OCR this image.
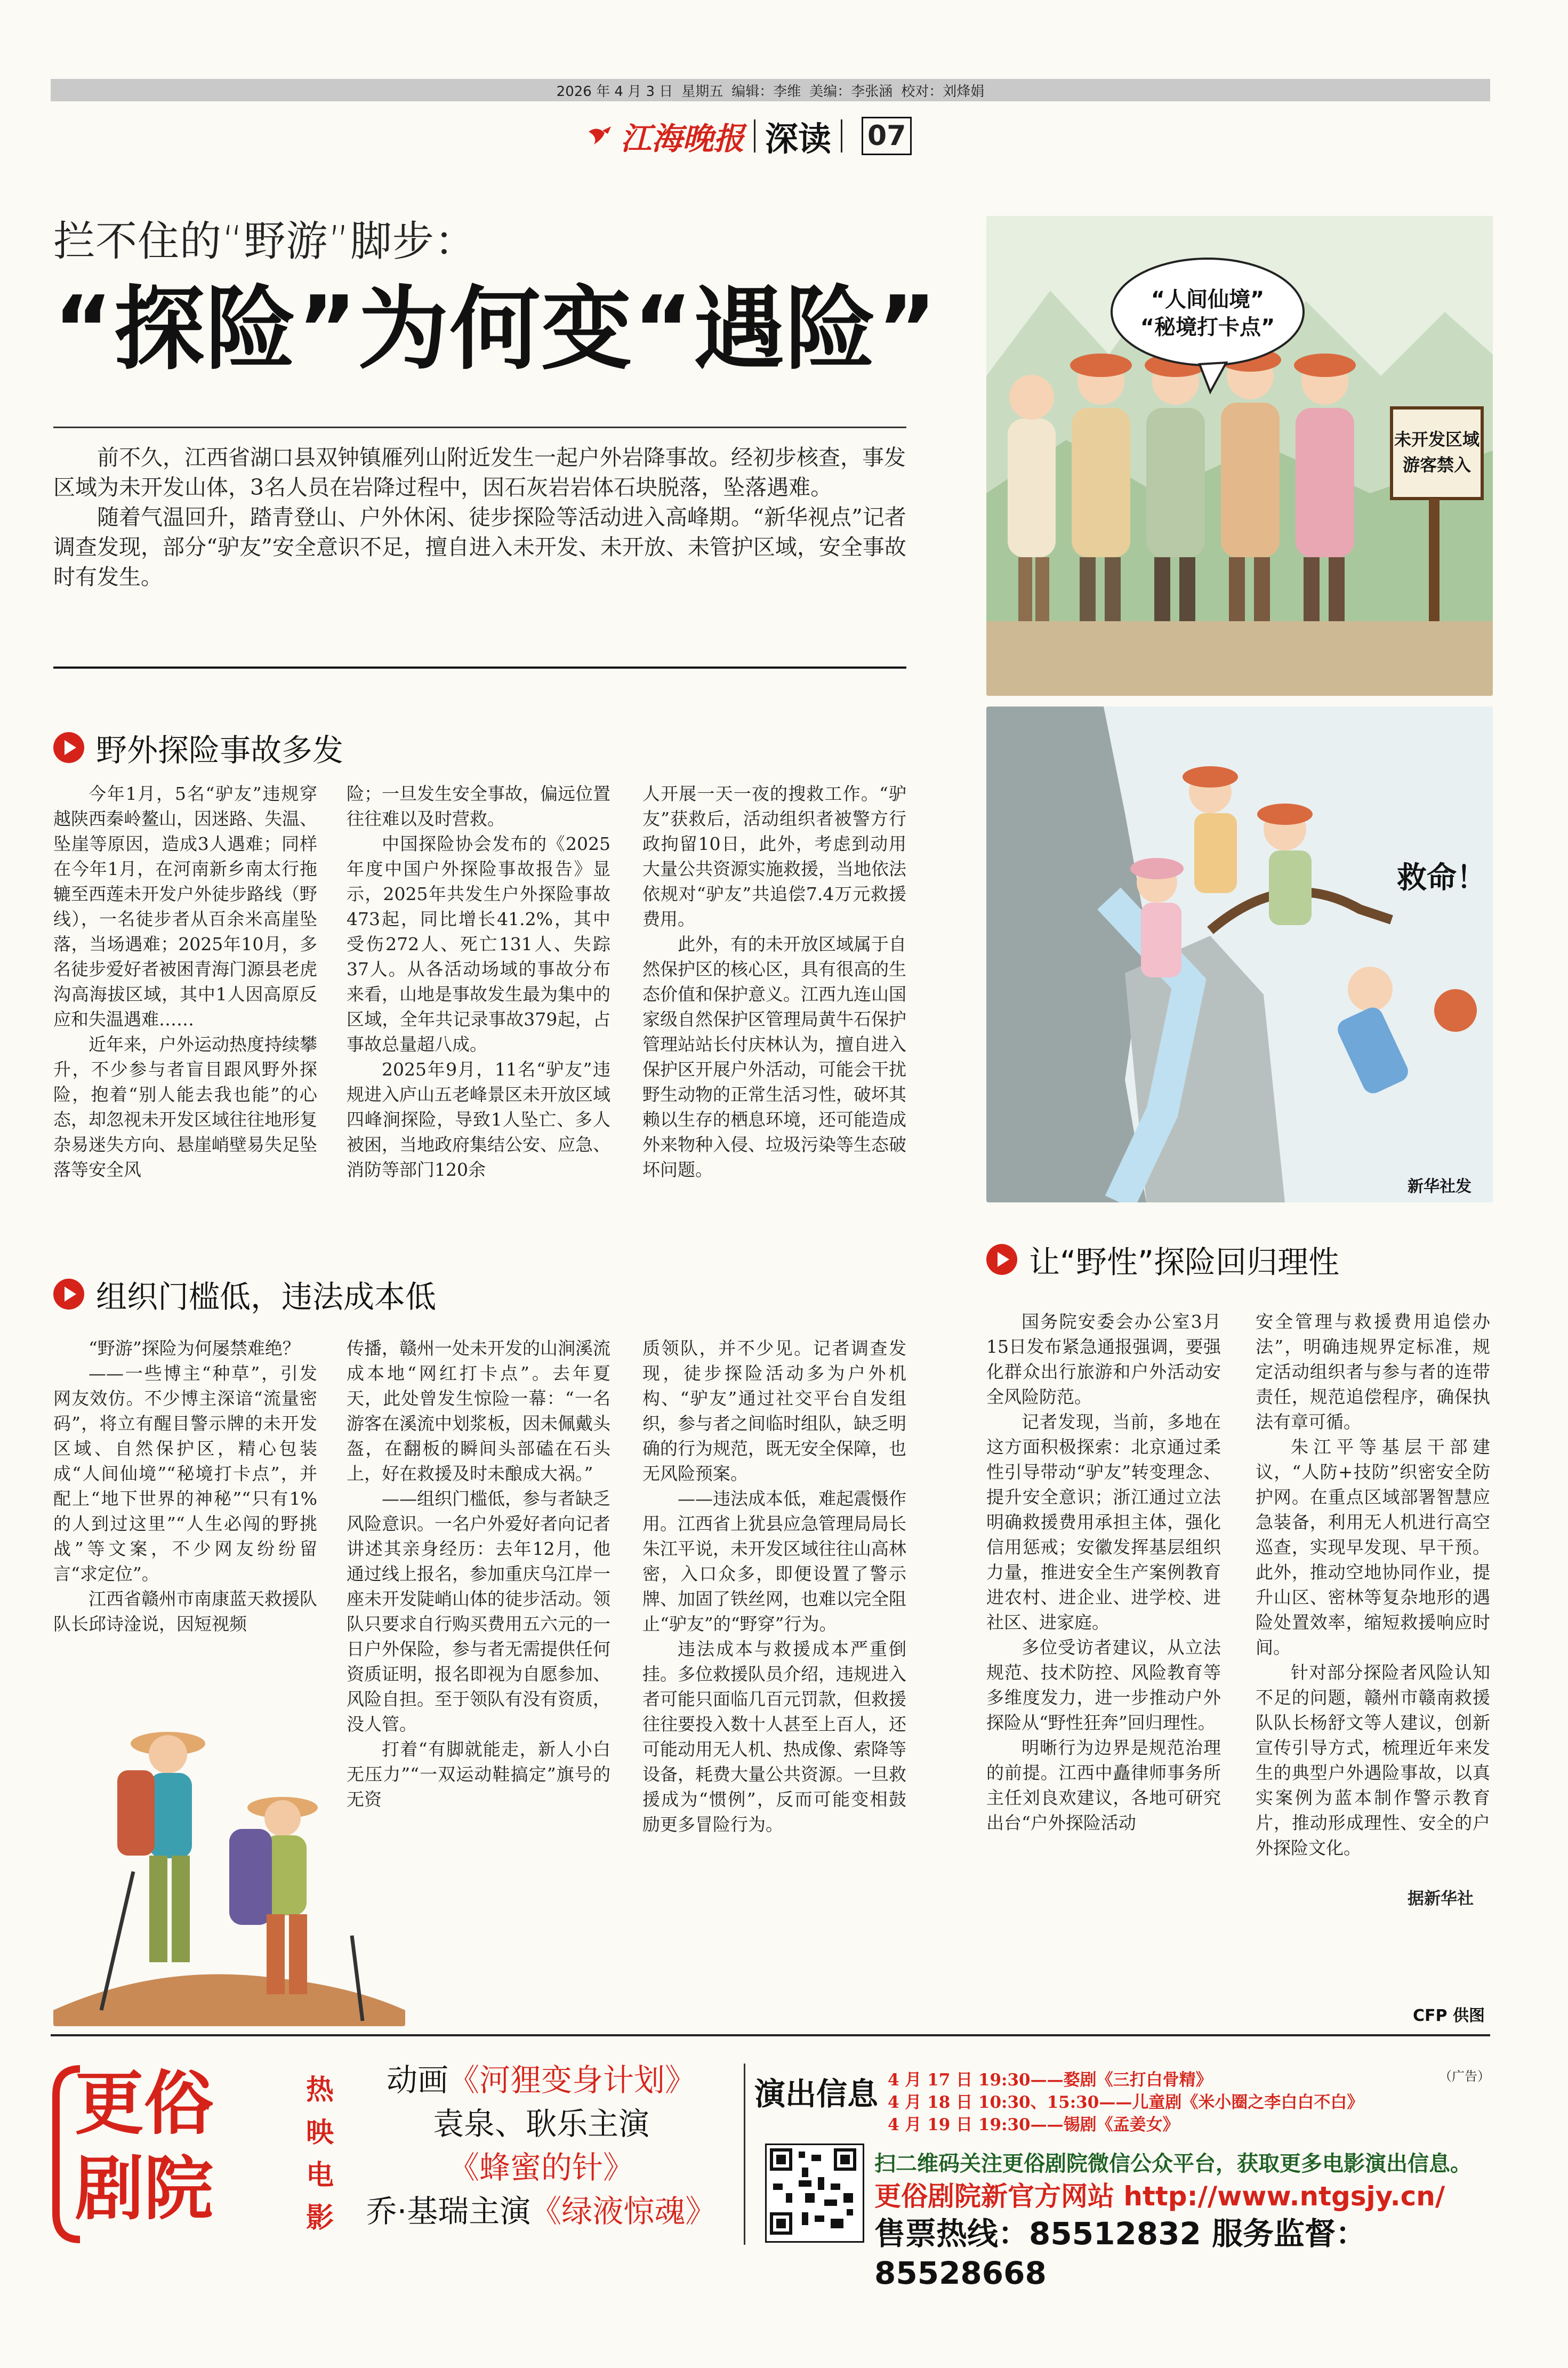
2026 年 4 月 3 日 星期五 编辑：李维 美编：李张涵 校对：刘烽娟
江海晚报 深读 07
拦不住的“野游”脚步：
“探险”为何变“遇险”

前不久，江西省湖口县双钟镇雁列山附近发生一起户外岩降事故。经初步核查，事发区域为未开发山体，3名人员在岩降过程中，因石灰岩岩体石块脱落，坠落遇难。

随着气温回升，踏青登山、户外休闲、徒步探险等活动进入高峰期。“新华视点”记者调查发现，部分“驴友”安全意识不足，擅自进入未开发、未开放、未管护区域，安全事故时有发生。

“人间仙境”
“秘境打卡点”
未开发区域
游客禁入
救命！
新华社发
野外探险事故多发

今年1月，5名“驴友”违规穿越陕西秦岭鳌山，因迷路、失温、坠崖等原因，造成3人遇难；同样在今年1月，在河南新乡南太行拖辘至西莲未开发户外徒步路线（野线），一名徒步者从百余米高崖坠落，当场遇难；2025年10月，多名徒步爱好者被困青海门源县老虎沟高海拔区域，其中1人因高原反应和失温遇难……

近年来，户外运动热度持续攀升，不少参与者盲目跟风野外探险，抱着“别人能去我也能”的心态，却忽视未开发区域往往地形复杂易迷失方向、悬崖峭壁易失足坠落等安全风

险；一旦发生安全事故，偏远位置往往难以及时营救。

中国探险协会发布的《2025年度中国户外探险事故报告》显示，2025年共发生户外探险事故473起，同比增长41.2%，其中受伤272人、死亡131人、失踪37人。从各活动场域的事故分布来看，山地是事故发生最为集中的区域，全年共记录事故379起，占事故总量超八成。

2025年9月，11名“驴友”违规进入庐山五老峰景区未开放区域四峰涧探险，导致1人坠亡、多人被困，当地政府集结公安、应急、消防等部门120余

人开展一天一夜的搜救工作。“驴友”获救后，活动组织者被警方行政拘留10日，此外，考虑到动用大量公共资源实施救援，当地依法依规对“驴友”共追偿7.4万元救援费用。

此外，有的未开放区域属于自然保护区的核心区，具有很高的生态价值和保护意义。江西九连山国家级自然保护区管理局黄牛石保护管理站站长付庆林认为，擅自进入保护区开展户外活动，可能会干扰野生动物的正常生活习性，破坏其赖以生存的栖息环境，还可能造成外来物种入侵、垃圾污染等生态破坏问题。

组织门槛低，违法成本低

“野游”探险为何屡禁难绝？

——一些博主“种草”，引发网友效仿。不少博主深谙“流量密码”，将立有醒目警示牌的未开发区域、自然保护区，精心包装成“人间仙境”“秘境打卡点”，并配上“地下世界的神秘”“只有1%的人到过这里”“人生必闯的野挑战”等文案，不少网友纷纷留言“求定位”。

江西省赣州市南康蓝天救援队队长邱诗淦说，因短视频

传播，赣州一处未开发的山涧溪流成本地“网红打卡点”。去年夏天，此处曾发生惊险一幕：“一名游客在溪流中划浆板，因未佩戴头盔，在翻板的瞬间头部磕在石头上，好在救援及时未酿成大祸。”

——组织门槛低，参与者缺乏风险意识。一名户外爱好者向记者讲述其亲身经历：去年12月，他通过线上报名，参加重庆乌江岸一座未开发陡峭山体的徒步活动。领队只要求自行购买费用五六元的一日户外保险，参与者无需提供任何资质证明，报名即视为自愿参加、风险自担。至于领队有没有资质，没人管。

打着“有脚就能走，新人小白无压力”“一双运动鞋搞定”旗号的无资

质领队，并不少见。记者调查发现，徒步探险活动多为户外机构、“驴友”通过社交平台自发组织，参与者之间临时组队，缺乏明确的行为规范，既无安全保障，也无风险预案。

——违法成本低，难起震慑作用。江西省上犹县应急管理局局长朱江平说，未开发区域往往山高林密，入口众多，即便设置了警示牌、加固了铁丝网，也难以完全阻止“驴友”的“野穿”行为。

违法成本与救援成本严重倒挂。多位救援队员介绍，违规进入者可能只面临几百元罚款，但救援往往要投入数十人甚至上百人，还可能动用无人机、热成像、索降等设备，耗费大量公共资源。一旦救援成为“惯例”，反而可能变相鼓励更多冒险行为。

让“野性”探险回归理性

国务院安委会办公室3月15日发布紧急通报强调，要强化群众出行旅游和户外活动安全风险防范。

记者发现，当前，多地在这方面积极探索：北京通过柔性引导带动“驴友”转变理念、提升安全意识；浙江通过立法明确救援费用承担主体，强化信用惩戒；安徽发挥基层组织力量，推进安全生产案例教育进农村、进企业、进学校、进社区、进家庭。

多位受访者建议，从立法规范、技术防控、风险教育等多维度发力，进一步推动户外探险从“野性狂奔”回归理性。

明晰行为边界是规范治理的前提。江西中矗律师事务所主任刘良欢建议，各地可研究出台“户外探险活动

安全管理与救援费用追偿办法”，明确违规界定标准，规定活动组织者与参与者的连带责任，规范追偿程序，确保执法有章可循。

朱江平等基层干部建议，“人防+技防”织密安全防护网。在重点区域部署智慧应急装备，利用无人机进行高空巡查，实现早发现、早干预。此外，推动空地协同作业，提升山区、密林等复杂地形的遇险处置效率，缩短救援响应时间。

针对部分探险者风险认知不足的问题，赣州市赣南救援队队长杨舒文等人建议，创新宣传引导方式，梳理近年来发生的典型户外遇险事故，以真实案例为蓝本制作警示教育片，推动形成理性、安全的户外探险文化。

据新华社
CFP 供图
更俗
剧院
热
映
电
影
动画《河狸变身计划》
袁泉、耿乐主演
《蜂蜜的针》
乔·基瑞主演《绿液惊魂》
演出信息 4 月 17 日 19:30——婺剧《三打白骨精》
4 月 18 日 10:30、15:30——儿童剧《米小圈之李白白不白》
4 月 19 日 19:30——锡剧《孟姜女》
（广告）
扫二维码关注更俗剧院微信公众平台，获取更多电影演出信息。
更俗剧院新官方网站 http://www.ntgsjy.cn/
售票热线：85512832 服务监督：85528668
